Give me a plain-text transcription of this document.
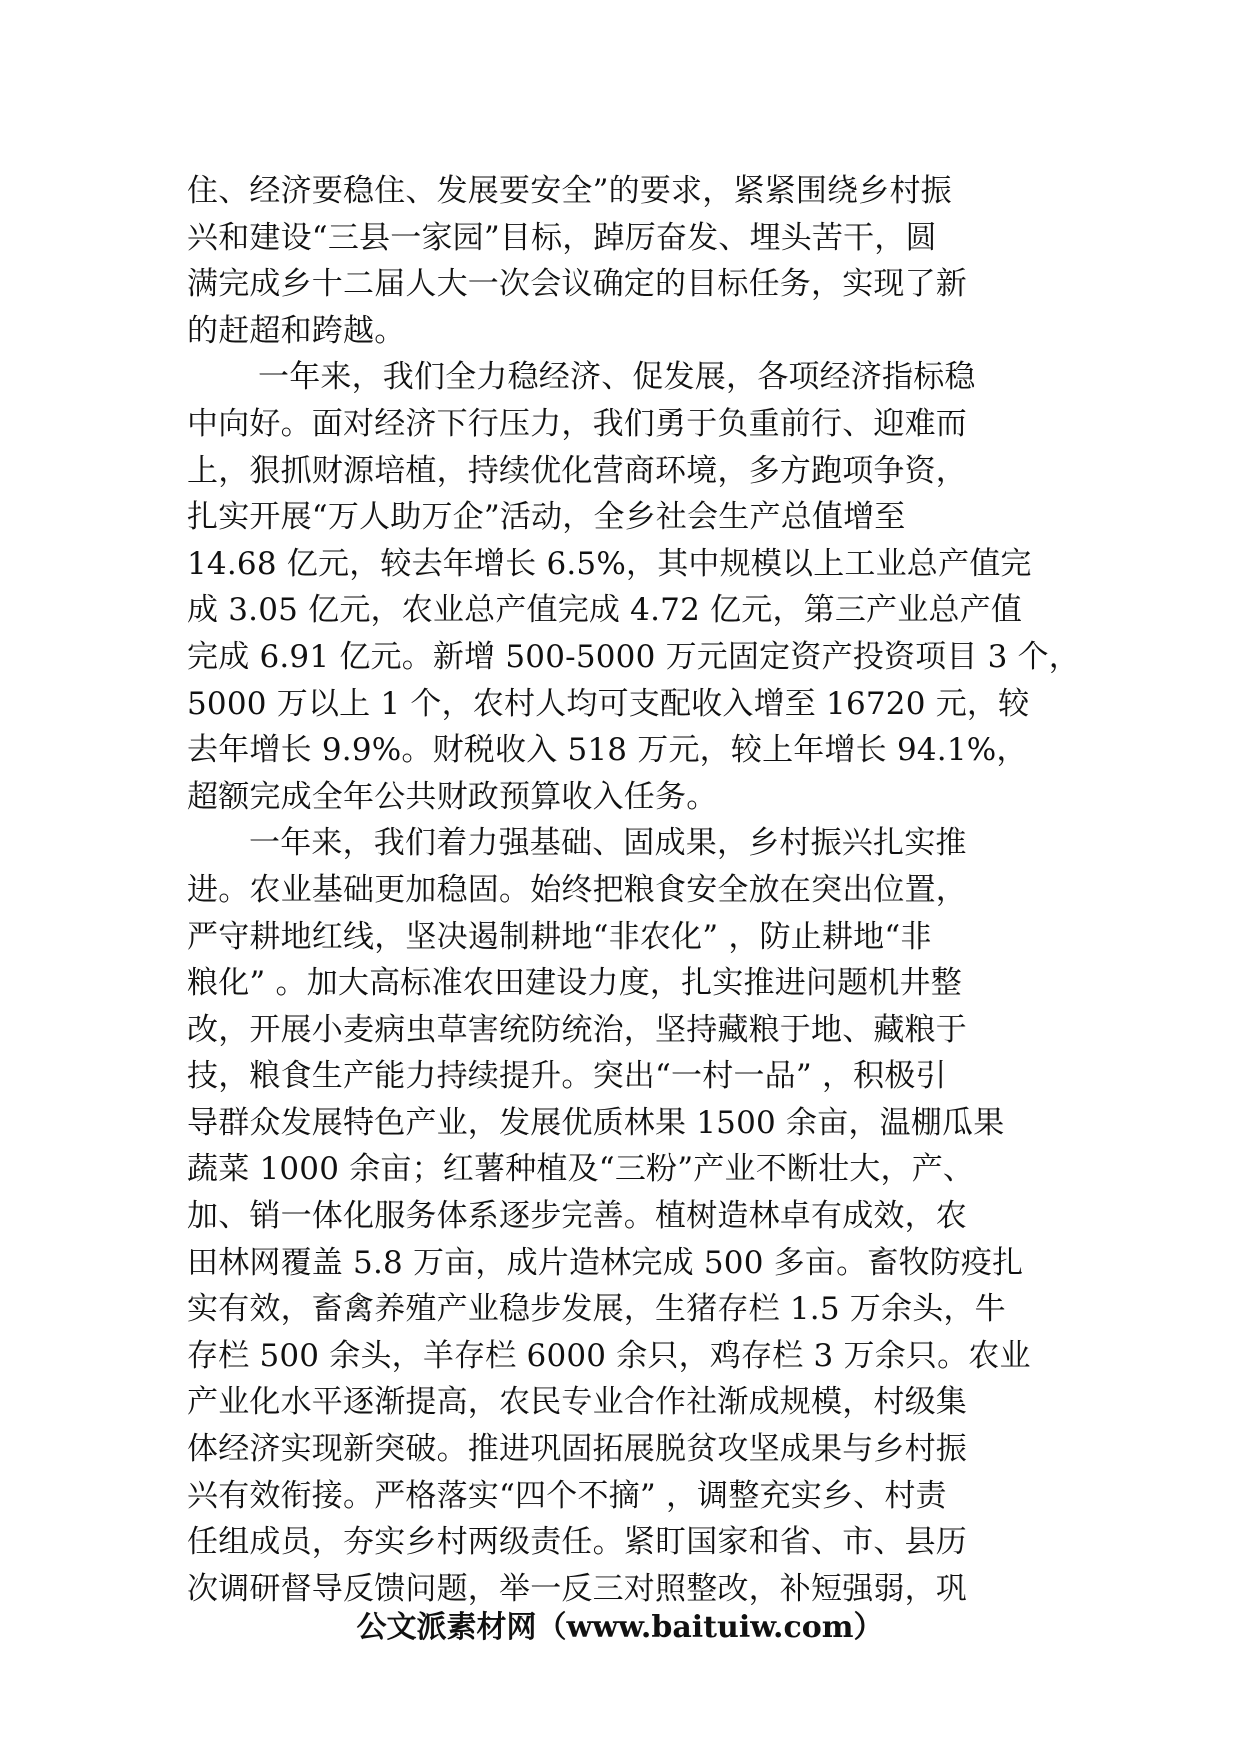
住、经济要稳住、发展要安全”的要求，紧紧围绕乡村振
兴和建设“三县一家园”目标，踔厉奋发、埋头苦干，圆
满完成乡十二届人大一次会议确定的目标任务，实现了新
的赶超和跨越。

一年来，我们全力稳经济、促发展，各项经济指标稳
中向好。面对经济下行压力，我们勇于负重前行、迎难而
上，狠抓财源培植，持续优化营商环境，多方跑项争资，
扎实开展“万人助万企”活动，全乡社会生产总值增至
14.68 亿元，较去年增长 6.5%，其中规模以上工业总产值完
成 3.05 亿元，农业总产值完成 4.72 亿元，第三产业总产值
完成 6.91 亿元。新增 500-5000 万元固定资产投资项目 3 个，
5000 万以上 1 个，农村人均可支配收入增至 16720 元，较
去年增长 9.9%。财税收入 518 万元，较上年增长 94.1%，
超额完成全年公共财政预算收入任务。

一年来，我们着力强基础、固成果，乡村振兴扎实推
进。农业基础更加稳固。始终把粮食安全放在突出位置，
严守耕地红线，坚决遏制耕地“非农化” ，防止耕地“非
粮化” 。加大高标准农田建设力度，扎实推进问题机井整
改，开展小麦病虫草害统防统治，坚持藏粮于地、藏粮于
技，粮食生产能力持续提升。突出“一村一品” ，积极引
导群众发展特色产业，发展优质林果 1500 余亩，温棚瓜果
蔬菜 1000 余亩；红薯种植及“三粉”产业不断壮大，产、
加、销一体化服务体系逐步完善。植树造林卓有成效，农
田林网覆盖 5.8 万亩，成片造林完成 500 多亩。畜牧防疫扎
实有效，畜禽养殖产业稳步发展，生猪存栏 1.5 万余头，牛
存栏 500 余头，羊存栏 6000 余只，鸡存栏 3 万余只。农业
产业化水平逐渐提高，农民专业合作社渐成规模，村级集
体经济实现新突破。推进巩固拓展脱贫攻坚成果与乡村振
兴有效衔接。严格落实“四个不摘” ，调整充实乡、村责
任组成员，夯实乡村两级责任。紧盯国家和省、市、县历
次调研督导反馈问题，举一反三对照整改，补短强弱，巩

公文派素材网（www.baituiw.com）
